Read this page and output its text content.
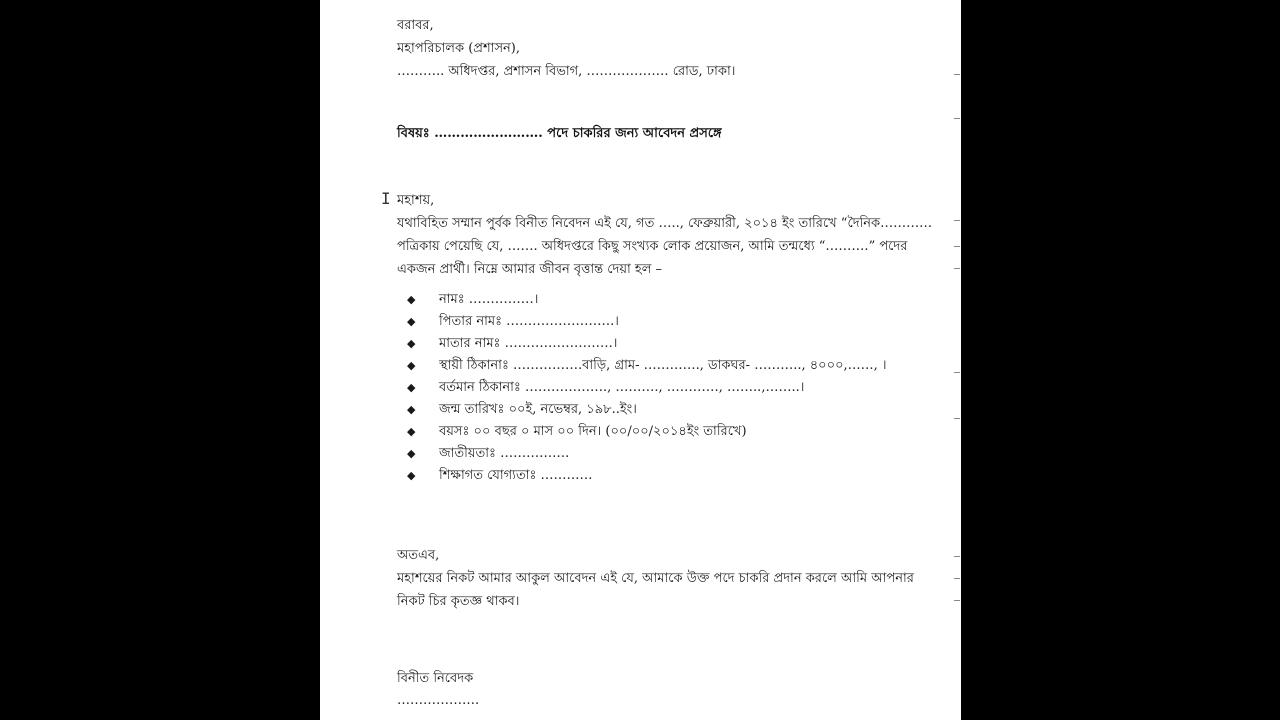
বরাবর,
মহাপরিচালক (প্রশাসন),
……….. অধিদপ্তর, প্রশাসন বিভাগ, ………………. রোড, ঢাকা।
বিষয়ঃ ……………………. পদে চাকরির জন্য আবেদন প্রসঙ্গে
মহাশয়,
যথাবিহিত সম্মান পুর্বক বিনীত নিবেদন এই যে, গত ….., ফেব্রুয়ারী, ২০১৪ ইং তারিখে “দৈনিক…………
পত্রিকায় পেয়েছি যে, ……. অধিদপ্তরে কিছু সংখ্যক লোক প্রয়োজন, আমি তন্মধ্যে “……….” পদের
একজন প্রার্থী। নিম্নে আমার জীবন বৃত্তান্ত দেয়া হল –
◆ নামঃ ……………।
◆ পিতার নামঃ …………………….।
◆ মাতার নামঃ …………………….।
◆ স্থায়ী ঠিকানাঃ …………….বাড়ি, গ্রাম- …………., ডাকঘর- ……….., ৪০০০,……, ।
◆ বর্তমান ঠিকানাঃ ………………., ………., …………, ……..,……..।
◆ জন্ম তারিখঃ ০০ই, নভেম্বর, ১৯৮..ইং।
◆ বয়সঃ ০০ বছর ০ মাস ০০ দিন। (০০/০০/২০১৪ইং তারিখে)
◆ জাতীয়তাঃ …………….
◆ শিক্ষাগত যোগ্যতাঃ …………
অতএব,
মহাশয়ের নিকট আমার আকুল আবেদন এই যে, আমাকে উক্ত পদে চাকরি প্রদান করলে আমি আপনার
নিকট চির কৃতজ্ঞ থাকব।
বিনীত নিবেদক
……………….
I
